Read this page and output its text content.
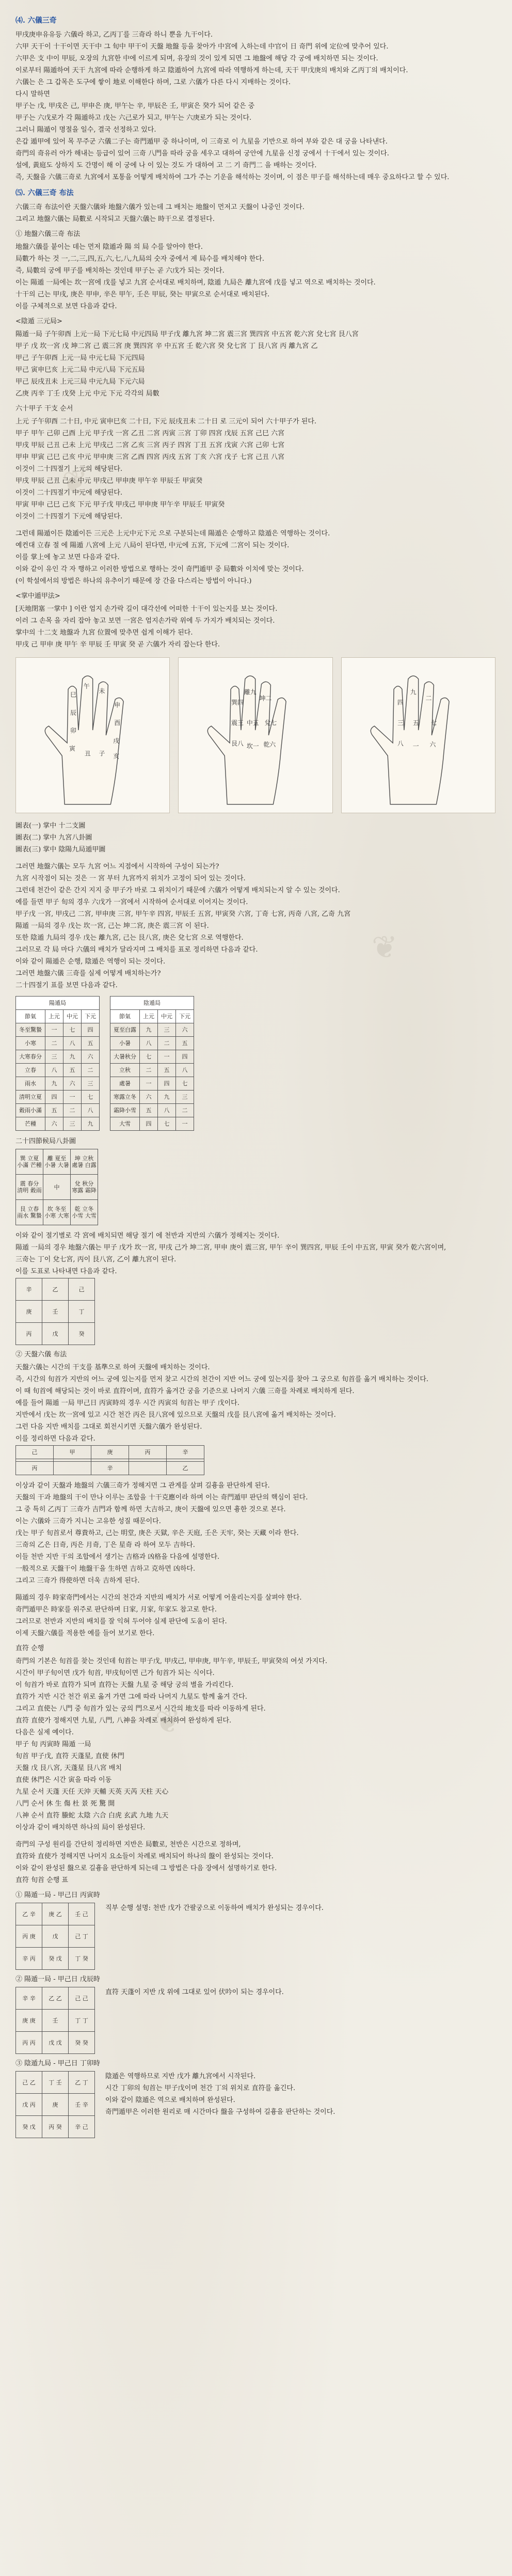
❦
❦
❦
⑷. 六儀三奇
甲戌庚申유유등 六儀라 하고, 乙丙丁를 三奇라 하니 뿐을 九干이다.
六甲 天干이 十干이면 天干中 그 旬中 甲干이 天盤 地盤 등을 찾아가 中宮에 入하는데 中官이 日 奇門 위에 定位에 맞추어 있다.
六甲은 支 中이 甲辰, 오장의 九宮한 中에 이르게 되며, 유장의 것이 있게 되면 그 地盤에 해당 각 궁에 배치하면 되는 것이다.
이로부터 陽遁하여 天干 九宮에 따라 순행하게 하고 陰遁하여 九宮에 따라 역행하게 하는데, 天干 甲戊庚의 배치와 乙丙丁의 배치이다.
六儀는 은 그 갑목은 도구에 쌓이 地로 이해한다 하며, 그로 六儀가 다른 다시 지배하는 것이다.
다시 말하면
甲子는 戊, 甲戌은 己, 甲申은 庚, 甲午는 辛, 甲辰은 壬, 甲寅은 癸가 되어 같은 중
甲子는 六戊로가 각 陽遁하고 戊는 六己로가 되고, 甲午는 六庚로가 되는 것이다.
그러니 陽遁이 명절을 일수, 결국 선정하고 있다.
은갑 遁甲에 있어 목 무주군 六儀二子는 奇門遁甲 중 하나이며, 이 三奇로 이 九星을 기반으로 하여 부와 같은 대 궁을 나타낸다.
奇門의 奇유러 아가 해내는 등급이 있어 三奇 八門을 따라 궁을 세우고 대하여 궁안에 九星을 신정 궁에서 十干에서 있는 것이다.
설에, 黃庭도 상하지 도 간명이 해 이 궁에 나 이 있는 것도 가 대하여 고 二 기 奇門二 을 배하는 것이다.
즉, 天盤을 六儀三奇로 九宮에서 포통을 어떻게 배치하여 그가 주는 기운을 해석하는 것이며, 이 점은 甲子를 해석하는데 매우 중요하다고 할 수 있다.
⑸. 六儀三奇 布法
六儀三奇 布法이란 天盤六儀와 地盤六儀가 있는데 그 배치는 地盤이 먼저고 天盤이 나중인 것이다.
그리고 地盤六儀는 局數로 시작되고 天盤六儀는 時干으로 결정된다.
① 地盤六儀三奇 布法
地盤六儀를 붙이는 데는 먼저 陰遁과 陽 의 局 수를 알아야 한다.
局數가 하는 것 一,二,三,四,五,六,七,八,九局의 숫자 중에서 제 局수를 배치해야 한다.
즉, 局數의 궁에 甲子를 배치하는 것인데 甲子는 곧 六戊가 되는 것이다.
이는 陽遁 一局에는 坎一宮에 戊를 넣고 九宮 순서대로 배치하며, 陰遁 九局은 離九宮에 戊를 넣고 역으로 배치하는 것이다.
十干의 己는 甲戌, 庚은 甲申, 辛은 甲午, 壬은 甲辰, 癸는 甲寅으로 순서대로 배치된다.
이를 구체적으로 보면 다음과 같다.
<陰遁 三元局>
陽遁一局 子午卯酉 上元一局 下元七局 中元四局 甲子戊 離九宮 坤二宮 震三宮 巽四宮 中五宮 乾六宮 兌七宮 艮八宮
甲子 戊 坎一宮 戊 坤二宮 己 震三宮 庚 巽四宮 辛 中五宮 壬 乾六宮 癸 兌七宮 丁 艮八宮 丙 離九宮 乙
甲己 子午卯酉 上元一局 中元七局 下元四局
甲己 寅申巳亥 上元二局 中元八局 下元五局
甲己 辰戌丑未 上元三局 中元九局 下元六局
乙庚 丙辛 丁壬 戊癸 上元 中元 下元 각각의 局數
六十甲子 干支 순서
上元 子午卯酉 二十日, 中元 寅申巳亥 二十日, 下元 辰戌丑未 二十日 로 三元이 되어 六十甲子가 된다.
甲子 甲午 己卯 己酉 上元 甲子戊 一宮 乙丑 二宮 丙寅 三宮 丁卯 四宮 戊辰 五宮 己巳 六宮
甲戌 甲辰 己丑 己未 上元 甲戌己 二宮 乙亥 三宮 丙子 四宮 丁丑 五宮 戊寅 六宮 己卯 七宮
甲申 甲寅 己巳 己亥 中元 甲申庚 三宮 乙酉 四宮 丙戌 五宮 丁亥 六宮 戊子 七宮 己丑 八宮
이것이 二十四절기 上元의 해당된다.
甲戌 甲辰 己丑 己未 中元 甲戌己 甲申庚 甲午辛 甲辰壬 甲寅癸
이것이 二十四절기 中元에 해당된다.
甲寅 甲申 己巳 己亥 下元 甲子戊 甲戌己 甲申庚 甲午辛 甲辰壬 甲寅癸
이것이 二十四절기 下元에 해당된다.
그런데 陽遁이든 陰遁이든 三元은 上元中元下元 으로 구분되는데 陽遁은 순행하고 陰遁은 역행하는 것이다.
예컨대 立春 절 에 陽遁 八宮에 上元 八局이 된다면, 中元에 五宮, 下元에 二宮이 되는 것이다.
이를 掌上에 놓고 보면 다음과 같다.
이와 같이 유인 각 자 행하고 이러한 방법으로 행하는 것이 奇門遁甲 중 局數와 이치에 맞는 것이다.
(이 학설에서의 방법은 하나의 유추이기 때문에 장 간을 다스리는 방법이 아니다.)
<掌中遁甲法>
[天地閉塞 一掌中 ] 이란 엄지 손가락 길이 대각선에 어떠한 十干이 있는지를 보는 것이다.
이러 그 손목 을 자리 잡아 놓고 보면 一宮은 엄지손가락 위에 두 가지가 배치되는 것이다.
掌中의 十二支 地盤과 九宮 位置에 맞추면 쉽게 이해가 된다.
甲戌 己 甲申 庚 甲午 辛 甲辰 壬 甲寅 癸 곧 六儀가 자리 잡는다 한다.
巳
午
未
申
辰
酉
卯
戌
寅
丑 子 亥
巽四
離九
坤二
震三 中五 兌七
艮八 坎一 乾六
四
九
二
三 五 七
八 一 六
圖表(一) 掌中 十二支圖
圖表(二) 掌中 九宮八卦圖
圖表(三) 掌中 陰陽九局遁甲圖
그러면 地盤六儀는 모두 九宮 어느 지점에서 시작하여 구성이 되는가?
九宮 시작점이 되는 것은 一 宮 부터 九宮까지 위치가 고정이 되어 있는 것이다.
그런데 천간이 같은 간지 지지 중 甲子가 바로 그 위치이기 때문에 六儀가 어떻게 배치되는지 알 수 있는 것이다.
예를 들면 甲子 旬의 경우 六戊가 一宮에서 시작하여 순서대로 이어지는 것이다.
甲子戊 一宮, 甲戌己 二宮, 甲申庚 三宮, 甲午辛 四宮, 甲辰壬 五宮, 甲寅癸 六宮, 丁奇 七宮, 丙奇 八宮, 乙奇 九宮
陽遁 一局의 경우 戊는 坎一宮, 己는 坤二宮, 庚은 震三宮 이 된다.
또한 陰遁 九局의 경우 戊는 離九宮, 己는 艮八宮, 庚은 兌七宮 으로 역행한다.
그러므로 각 局 마다 六儀의 배치가 달라지며 그 배치를 표로 정리하면 다음과 같다.
이와 같이 陽遁은 순행, 陰遁은 역행이 되는 것이다.
그러면 地盤六儀 三奇를 실제 어떻게 배치하는가?
二十四절기 표를 보면 다음과 같다.
陽遁局			
節氣	上元	中元	下元
冬至驚蟄	一	七	四
小寒	二	八	五
大寒春分	三	九	六
立春	八	五	二
雨水	九	六	三
清明立夏	四	一	七
穀雨小滿	五	二	八
芒種	六	三	九
陰遁局			
節氣	上元	中元	下元
夏至白露	九	三	六
小暑	八	二	五
大暑秋分	七	一	四
立秋	二	五	八
處暑	一	四	七
寒露立冬	六	九	三
霜降小雪	五	八	二
大雪	四	七	一
二十四節候局八卦圖
巽 立夏 小滿 芒種	離 夏至 小暑 大暑	坤 立秋 處暑 白露
震 春分 清明 穀雨	中	兌 秋分 寒露 霜降
艮 立春 雨水 驚蟄	坎 冬至 小寒 大寒	乾 立冬 小雪 大雪
이와 같이 절기별로 각 宮에 배치되면 해당 절기 에 천반과 지반의 六儀가 정해지는 것이다.
陽遁 一局의 경우 地盤六儀는 甲子 戊가 坎一宮, 甲戌 己가 坤二宮, 甲申 庚이 震三宮, 甲午 辛이 巽四宮, 甲辰 壬이 中五宮, 甲寅 癸가 乾六宮이며,
三奇는 丁이 兌七宮, 丙이 艮八宮, 乙이 離九宮이 된다.
이를 도표로 나타내면 다음과 같다.
辛	乙	己
庚	壬	丁
丙	戊	癸
② 天盤六儀 布法
天盤六儀는 시간의 干支를 基準으로 하여 天盤에 배치하는 것이다.
즉, 시간의 旬首가 지반의 어느 궁에 있는지를 먼저 찾고 시간의 천간이 지반 어느 궁에 있는지를 찾아 그 궁으로 旬首를 옮겨 배치하는 것이다.
이 때 旬首에 해당되는 것이 바로 直符이며, 直符가 옮겨간 궁을 기준으로 나머지 六儀 三奇를 차례로 배치하게 된다.
예를 들어 陽遁 一局 甲己日 丙寅時의 경우 시간 丙寅의 旬首는 甲子 戊이다.
지반에서 戊는 坎一宮에 있고 시간 천간 丙은 艮八宮에 있으므로 天盤의 戊를 艮八宮에 옮겨 배치하는 것이다.
그런 다음 지반 배치를 그대로 회전시키면 天盤六儀가 완성된다.
이를 정리하면 다음과 같다.
己	甲	庚	丙	辛

丙		辛		乙
이상과 같이 天盤과 地盤의 六儀三奇가 정해지면 그 관계를 살펴 길흉을 판단하게 된다.
天盤의 干과 地盤의 干이 만나 이루는 조합을 十干克應이라 하며 이는 奇門遁甲 판단의 핵심이 된다.
그 중 특히 乙丙丁 三奇가 吉門과 함께 하면 大吉하고, 庚이 天盤에 있으면 흉한 것으로 본다.
이는 六儀와 三奇가 지니는 고유한 성질 때문이다.
戊는 甲子 旬首로서 尊貴하고, 己는 明堂, 庚은 天獄, 辛은 天庭, 壬은 天牢, 癸는 天藏 이라 한다.
三奇의 乙은 日奇, 丙은 月奇, 丁은 星奇 라 하여 모두 吉하다.
이들 천반 지반 干의 조합에서 생기는 吉格과 凶格을 다음에 설명한다.
一般적으로 天盤干이 地盤干을 生하면 吉하고 克하면 凶하다.
그리고 三奇가 得使하면 더욱 吉하게 된다.
陽遁의 경우 時家奇門에서는 시간의 천간과 지반의 배치가 서로 어떻게 어울리는지를 살펴야 한다.
奇門遁甲은 時家를 위주로 판단하며 日家, 月家, 年家도 참고로 한다.
그러므로 천반과 지반의 배치를 잘 익혀 두어야 실제 판단에 도움이 된다.
이제 天盤六儀를 적용한 예를 들어 보기로 한다.
直符 순행
奇門의 기본은 旬首를 찾는 것인데 旬首는 甲子戊, 甲戌己, 甲申庚, 甲午辛, 甲辰壬, 甲寅癸의 여섯 가지다.
시간이 甲子旬이면 戊가 旬首, 甲戌旬이면 己가 旬首가 되는 식이다.
이 旬首가 바로 直符가 되며 直符는 天盤 九星 중 해당 궁의 별을 가리킨다.
直符가 지반 시간 천간 위로 옮겨 가면 그에 따라 나머지 九星도 함께 옮겨 간다.
그리고 直使는 八門 중 旬首가 있는 궁의 門으로서 시간의 地支를 따라 이동하게 된다.
直符 直使가 정해지면 九星, 八門, 八神을 차례로 배치하여 완성하게 된다.
다음은 실제 예이다.
甲子 旬 丙寅時 陽遁 一局
旬首 甲子戊, 直符 天蓬星, 直使 休門
天盤 戊 艮八宮, 天蓬星 艮八宮 배치
直使 休門은 시간 寅을 따라 이동
九星 순서 天蓬 天任 天沖 天輔 天英 天芮 天柱 天心
八門 순서 休 生 傷 杜 景 死 驚 開
八神 순서 直符 螣蛇 太陰 六合 白虎 玄武 九地 九天
이상과 같이 배치하면 하나의 局이 완성된다.
奇門의 구성 원리를 간단히 정리하면 지반은 局數로, 천반은 시간으로 정하며,
直符와 直使가 정해지면 나머지 요소들이 차례로 배치되어 하나의 盤이 완성되는 것이다.
이와 같이 완성된 盤으로 길흉을 판단하게 되는데 그 방법은 다음 장에서 설명하기로 한다.
直符 旬首 순행 표
① 陽遁一局 - 甲己日 丙寅時
乙 辛	庚 乙	壬 己
丙 庚	戊	己 丁
辛 丙	癸 戊	丁 癸
직부 순행 설명: 천반 戊가 간팔궁으로 이동하여 배치가 완성되는 경우이다.
② 陽遁一局 - 甲己日 戊辰時
辛 辛	乙 乙	己 己
庚 庚	壬	丁 丁
丙 丙	戊 戊	癸 癸
直符 天蓬이 지반 戊 위에 그대로 있어 伏吟이 되는 경우이다.
③ 陰遁九局 - 甲己日 丁卯時
己 乙	丁 壬	乙 丁
戊 丙	庚	壬 辛
癸 戊	丙 癸	辛 己
陰遁은 역행하므로 지반 戊가 離九宮에서 시작된다.
시간 丁卯의 旬首는 甲子戊이며 천간 丁의 위치로 直符를 옮긴다.
이와 같이 陰遁은 역으로 배치하며 완성된다.
奇門遁甲은 이러한 원리로 매 시간마다 盤을 구성하여 길흉을 판단하는 것이다.
